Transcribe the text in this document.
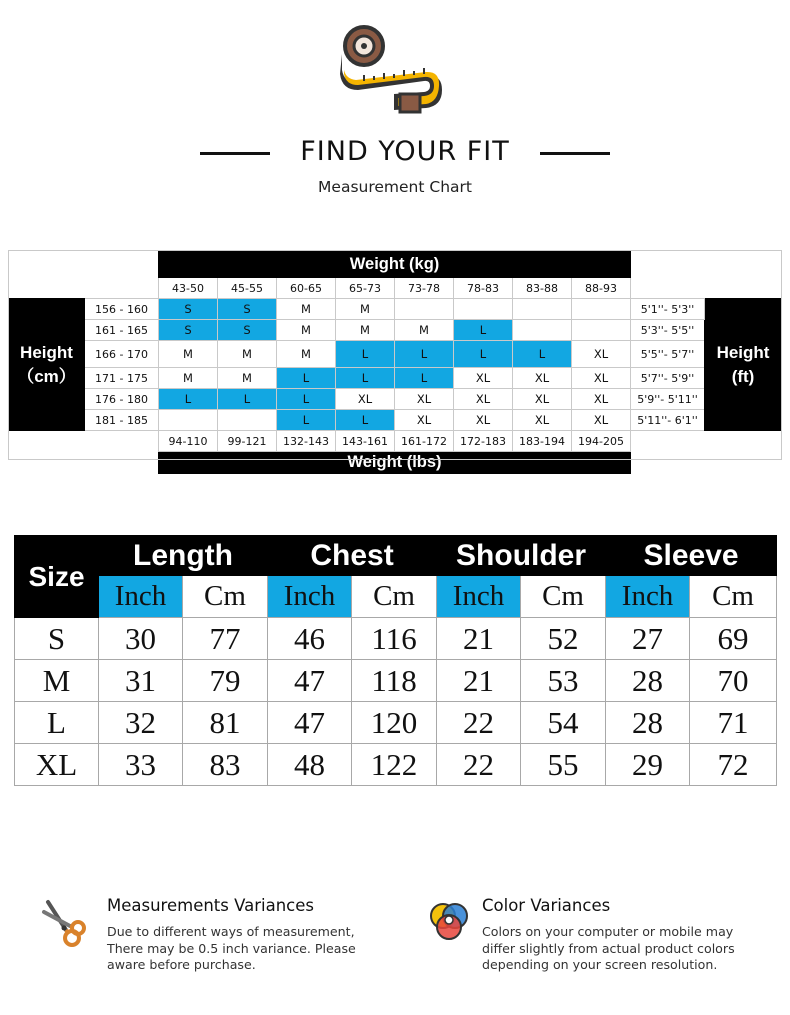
FIND YOUR FIT
Measurement Chart
		Weight (kg)									
		43-50	45-55	60-65	65-73	73-78	78-83	83-88	88-93		
Height
（cm）	156 - 160	S	S	M	M					5'1''- 5'3''	Height
(ft)
	161 - 165	S	S	M	M	M	L			5'3''- 5'5''	
	166 - 170	M	M	M	L	L	L	L	XL	5'5''- 5'7''	
	171 - 175	M	M	L	L	L	XL	XL	XL	5'7''- 5'9''	
	176 - 180	L	L	L	XL	XL	XL	XL	XL	5'9''- 5'11''	
	181 - 185			L	L	XL	XL	XL	XL	5'11''- 6'1''	
		94-110	99-121	132-143	143-161	161-172	172-183	183-194	194-205		
		Weight (lbs)									
Size	Length		Chest		Shoulder		Sleeve	
	Inch	Cm	Inch	Cm	Inch	Cm	Inch	Cm
S	30	77	46	116	21	52	27	69
M	31	79	47	118	21	53	28	70
L	32	81	47	120	22	54	28	71
XL	33	83	48	122	22	55	29	72
Measurements Variances
Due to different ways of measurement, There may be 0.5 inch variance. Please aware before purchase.
Color Variances
Colors on your computer or mobile may differ slightly from actual product colors depending on your screen resolution.
